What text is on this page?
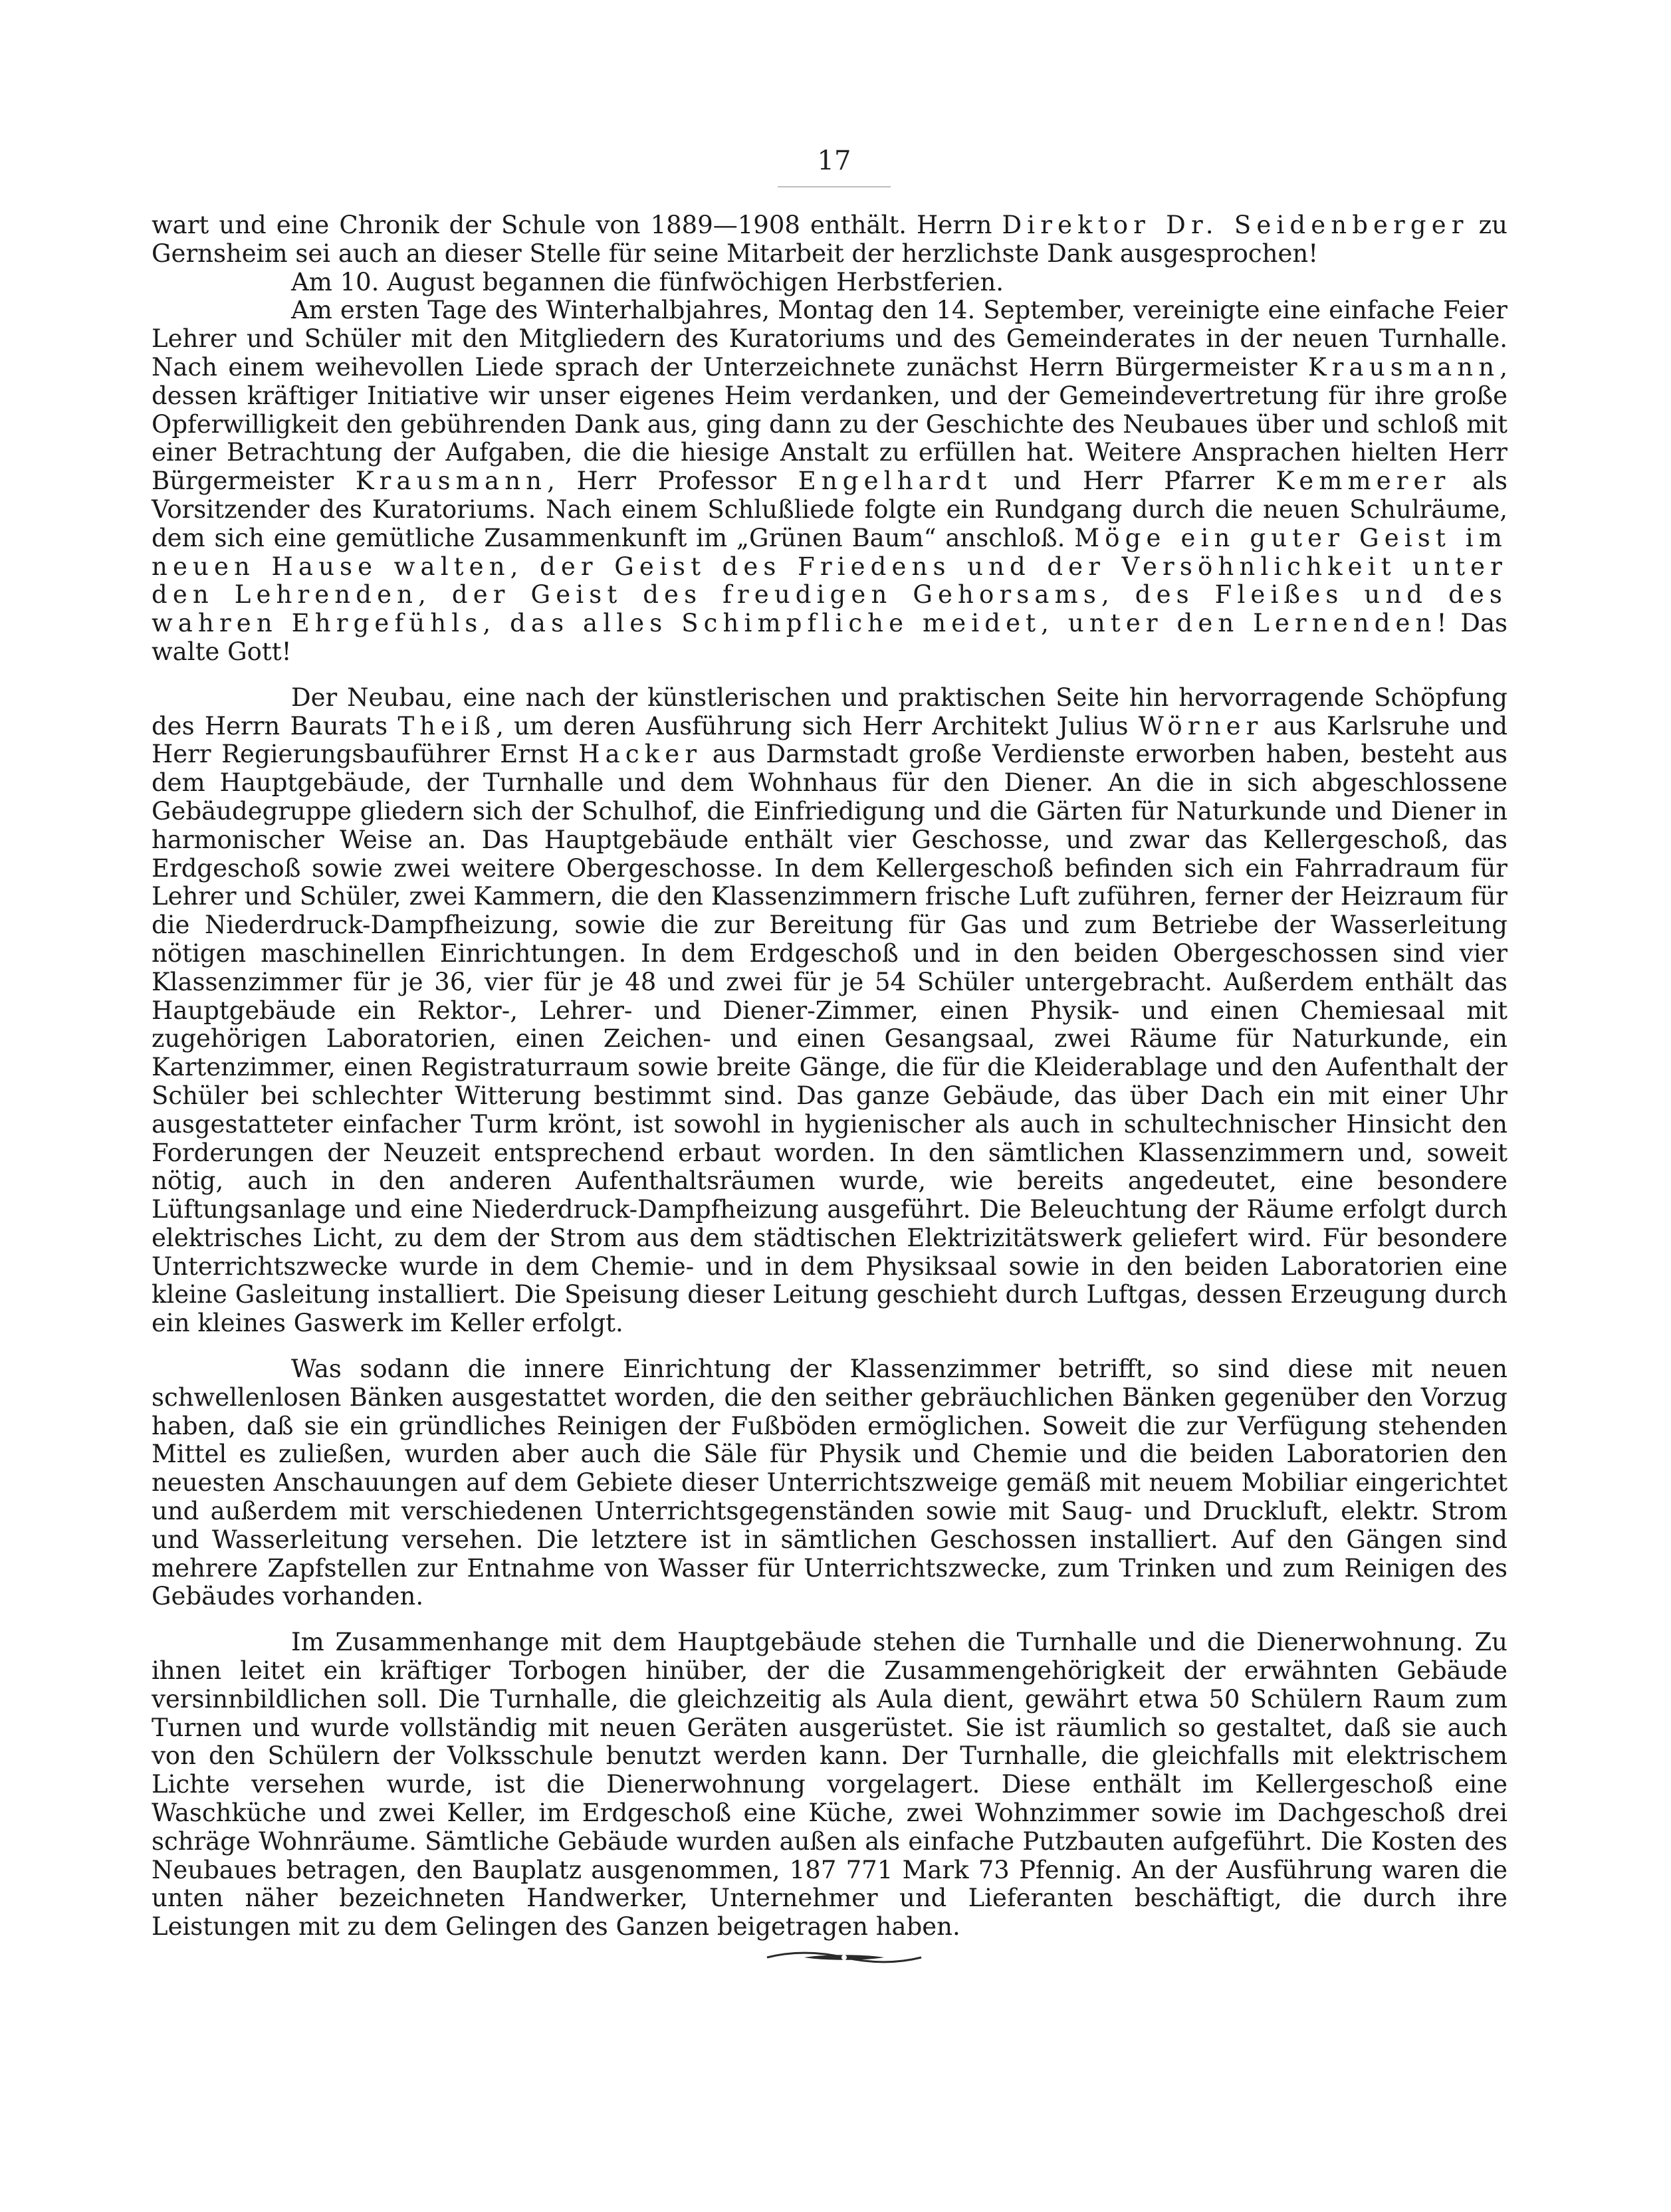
17

wart und eine Chronik der Schule von 1889—1908 enthält. Herrn Direktor Dr. Seidenberger zu Gernsheim sei auch an dieser Stelle für seine Mitarbeit der herzlichste Dank ausgesprochen!

Am 10. August begannen die fünfwöchigen Herbstferien.

Am ersten Tage des Winterhalbjahres, Montag den 14. September, vereinigte eine einfache Feier Lehrer und Schüler mit den Mitgliedern des Kuratoriums und des Gemeinderates in der neuen Turnhalle. Nach einem weihevollen Liede sprach der Unterzeichnete zunächst Herrn Bürgermeister Krausmann, dessen kräftiger Initiative wir unser eigenes Heim verdanken, und der Gemeindevertretung für ihre große Opferwilligkeit den gebührenden Dank aus, ging dann zu der Geschichte des Neubaues über und schloß mit einer Betrachtung der Aufgaben, die die hiesige Anstalt zu erfüllen hat. Weitere Ansprachen hielten Herr Bürgermeister Krausmann, Herr Professor Engelhardt und Herr Pfarrer Kemmerer als Vorsitzender des Kuratoriums. Nach einem Schlußliede folgte ein Rundgang durch die neuen Schulräume, dem sich eine gemütliche Zusammenkunft im „Grünen Baum“ anschloß. Möge ein guter Geist im neuen Hause walten, der Geist des Friedens und der Versöhnlichkeit unter den Lehrenden, der Geist des freudigen Gehorsams, des Fleißes und des wahren Ehrgefühls, das alles Schimpfliche meidet, unter den Lernenden! Das walte Gott!

Der Neubau, eine nach der künstlerischen und praktischen Seite hin hervorragende Schöpfung des Herrn Baurats Theiß, um deren Ausführung sich Herr Architekt Julius Wörner aus Karlsruhe und Herr Regierungsbauführer Ernst Hacker aus Darmstadt große Verdienste erworben haben, besteht aus dem Hauptgebäude, der Turnhalle und dem Wohnhaus für den Diener. An die in sich abgeschlossene Gebäudegruppe gliedern sich der Schulhof, die Einfriedigung und die Gärten für Naturkunde und Diener in harmonischer Weise an. Das Hauptgebäude enthält vier Geschosse, und zwar das Kellergeschoß, das Erdgeschoß sowie zwei weitere Obergeschosse. In dem Kellergeschoß befinden sich ein Fahrradraum für Lehrer und Schüler, zwei Kammern, die den Klassenzimmern frische Luft zuführen, ferner der Heizraum für die Niederdruck-Dampfheizung, sowie die zur Bereitung für Gas und zum Betriebe der Wasserleitung nötigen maschinellen Einrichtungen. In dem Erdgeschoß und in den beiden Obergeschossen sind vier Klassenzimmer für je 36, vier für je 48 und zwei für je 54 Schüler untergebracht. Außerdem enthält das Hauptgebäude ein Rektor-, Lehrer- und Diener-Zimmer, einen Physik- und einen Chemiesaal mit zugehörigen Laboratorien, einen Zeichen- und einen Gesangsaal, zwei Räume für Naturkunde, ein Kartenzimmer, einen Registraturraum sowie breite Gänge, die für die Kleiderablage und den Aufenthalt der Schüler bei schlechter Witterung bestimmt sind. Das ganze Gebäude, das über Dach ein mit einer Uhr ausgestatteter einfacher Turm krönt, ist sowohl in hygienischer als auch in schultechnischer Hinsicht den Forderungen der Neuzeit entsprechend erbaut worden. In den sämtlichen Klassenzimmern und, soweit nötig, auch in den anderen Aufenthaltsräumen wurde, wie bereits angedeutet, eine besondere Lüftungsanlage und eine Niederdruck-Dampfheizung ausgeführt. Die Beleuchtung der Räume erfolgt durch elektrisches Licht, zu dem der Strom aus dem städtischen Elektrizitätswerk geliefert wird. Für besondere Unterrichtszwecke wurde in dem Chemie- und in dem Physiksaal sowie in den beiden Laboratorien eine kleine Gasleitung installiert. Die Speisung dieser Leitung geschieht durch Luftgas, dessen Erzeugung durch ein kleines Gaswerk im Keller erfolgt.

Was sodann die innere Einrichtung der Klassenzimmer betrifft, so sind diese mit neuen schwellenlosen Bänken ausgestattet worden, die den seither gebräuchlichen Bänken gegenüber den Vorzug haben, daß sie ein gründliches Reinigen der Fußböden ermöglichen. Soweit die zur Verfügung stehenden Mittel es zuließen, wurden aber auch die Säle für Physik und Chemie und die beiden Laboratorien den neuesten Anschauungen auf dem Gebiete dieser Unterrichtszweige gemäß mit neuem Mobiliar eingerichtet und außerdem mit verschiedenen Unterrichtsgegenständen sowie mit Saug- und Druckluft, elektr. Strom und Wasserleitung versehen. Die letztere ist in sämtlichen Geschossen installiert. Auf den Gängen sind mehrere Zapfstellen zur Entnahme von Wasser für Unterrichtszwecke, zum Trinken und zum Reinigen des Gebäudes vorhanden.

Im Zusammenhange mit dem Hauptgebäude stehen die Turnhalle und die Dienerwohnung. Zu ihnen leitet ein kräftiger Torbogen hinüber, der die Zusammengehörigkeit der erwähnten Gebäude versinnbildlichen soll. Die Turnhalle, die gleichzeitig als Aula dient, gewährt etwa 50 Schülern Raum zum Turnen und wurde vollständig mit neuen Geräten ausgerüstet. Sie ist räumlich so gestaltet, daß sie auch von den Schülern der Volksschule benutzt werden kann. Der Turnhalle, die gleichfalls mit elektrischem Lichte versehen wurde, ist die Dienerwohnung vorgelagert. Diese enthält im Kellergeschoß eine Waschküche und zwei Keller, im Erdgeschoß eine Küche, zwei Wohnzimmer sowie im Dachgeschoß drei schräge Wohnräume. Sämtliche Gebäude wurden außen als einfache Putzbauten aufgeführt. Die Kosten des Neubaues betragen, den Bauplatz ausgenommen, 187 771 Mark 73 Pfennig. An der Ausführung waren die unten näher bezeichneten Handwerker, Unternehmer und Lieferanten beschäftigt, die durch ihre Leistungen mit zu dem Gelingen des Ganzen beigetragen haben.
